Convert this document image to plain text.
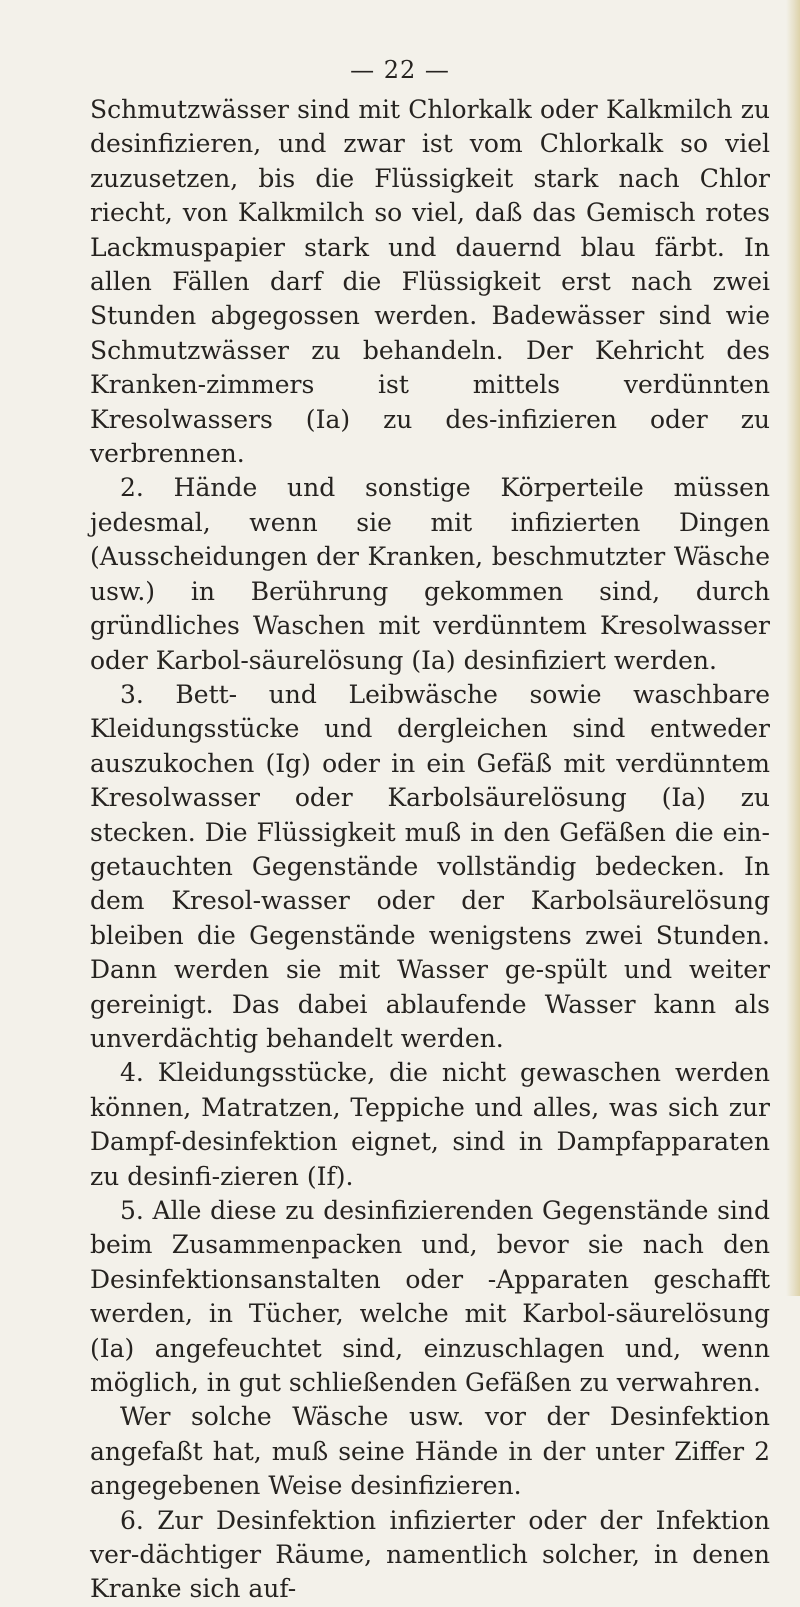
— 22 —

Schmutzwässer sind mit Chlorkalk oder Kalkmilch zu desinfizieren, und zwar ist vom Chlorkalk so viel zuzusetzen, bis die Flüssigkeit stark nach Chlor riecht, von Kalkmilch so viel, daß das Gemisch rotes Lackmuspapier stark und dauernd blau färbt. In allen Fällen darf die Flüssigkeit erst nach zwei Stunden abgegossen werden. Badewässer sind wie Schmutzwässer zu behandeln. Der Kehricht des Kranken-zimmers ist mittels verdünnten Kresolwassers (Ia) zu des-infizieren oder zu verbrennen.

2. Hände und sonstige Körperteile müssen jedesmal, wenn sie mit infizierten Dingen (Ausscheidungen der Kranken, beschmutzter Wäsche usw.) in Berührung gekommen sind, durch gründliches Waschen mit verdünntem Kresolwasser oder Karbol-säurelösung (Ia) desinfiziert werden.

3. Bett- und Leibwäsche sowie waschbare Kleidungsstücke und dergleichen sind entweder auszukochen (Ig) oder in ein Gefäß mit verdünntem Kresolwasser oder Karbolsäurelösung (Ia) zu stecken. Die Flüssigkeit muß in den Gefäßen die ein-getauchten Gegenstände vollständig bedecken. In dem Kresol-wasser oder der Karbolsäurelösung bleiben die Gegenstände wenigstens zwei Stunden. Dann werden sie mit Wasser ge-spült und weiter gereinigt. Das dabei ablaufende Wasser kann als unverdächtig behandelt werden.

4. Kleidungsstücke, die nicht gewaschen werden können, Matratzen, Teppiche und alles, was sich zur Dampf-desinfektion eignet, sind in Dampfapparaten zu desinfi-zieren (If).

5. Alle diese zu desinfizierenden Gegenstände sind beim Zusammenpacken und, bevor sie nach den Desinfektionsanstalten oder -Apparaten geschafft werden, in Tücher, welche mit Karbol-säurelösung (Ia) angefeuchtet sind, einzuschlagen und, wenn möglich, in gut schließenden Gefäßen zu verwahren.

Wer solche Wäsche usw. vor der Desinfektion angefaßt hat, muß seine Hände in der unter Ziffer 2 angegebenen Weise desinfizieren.

6. Zur Desinfektion infizierter oder der Infektion ver-dächtiger Räume, namentlich solcher, in denen Kranke sich auf-
